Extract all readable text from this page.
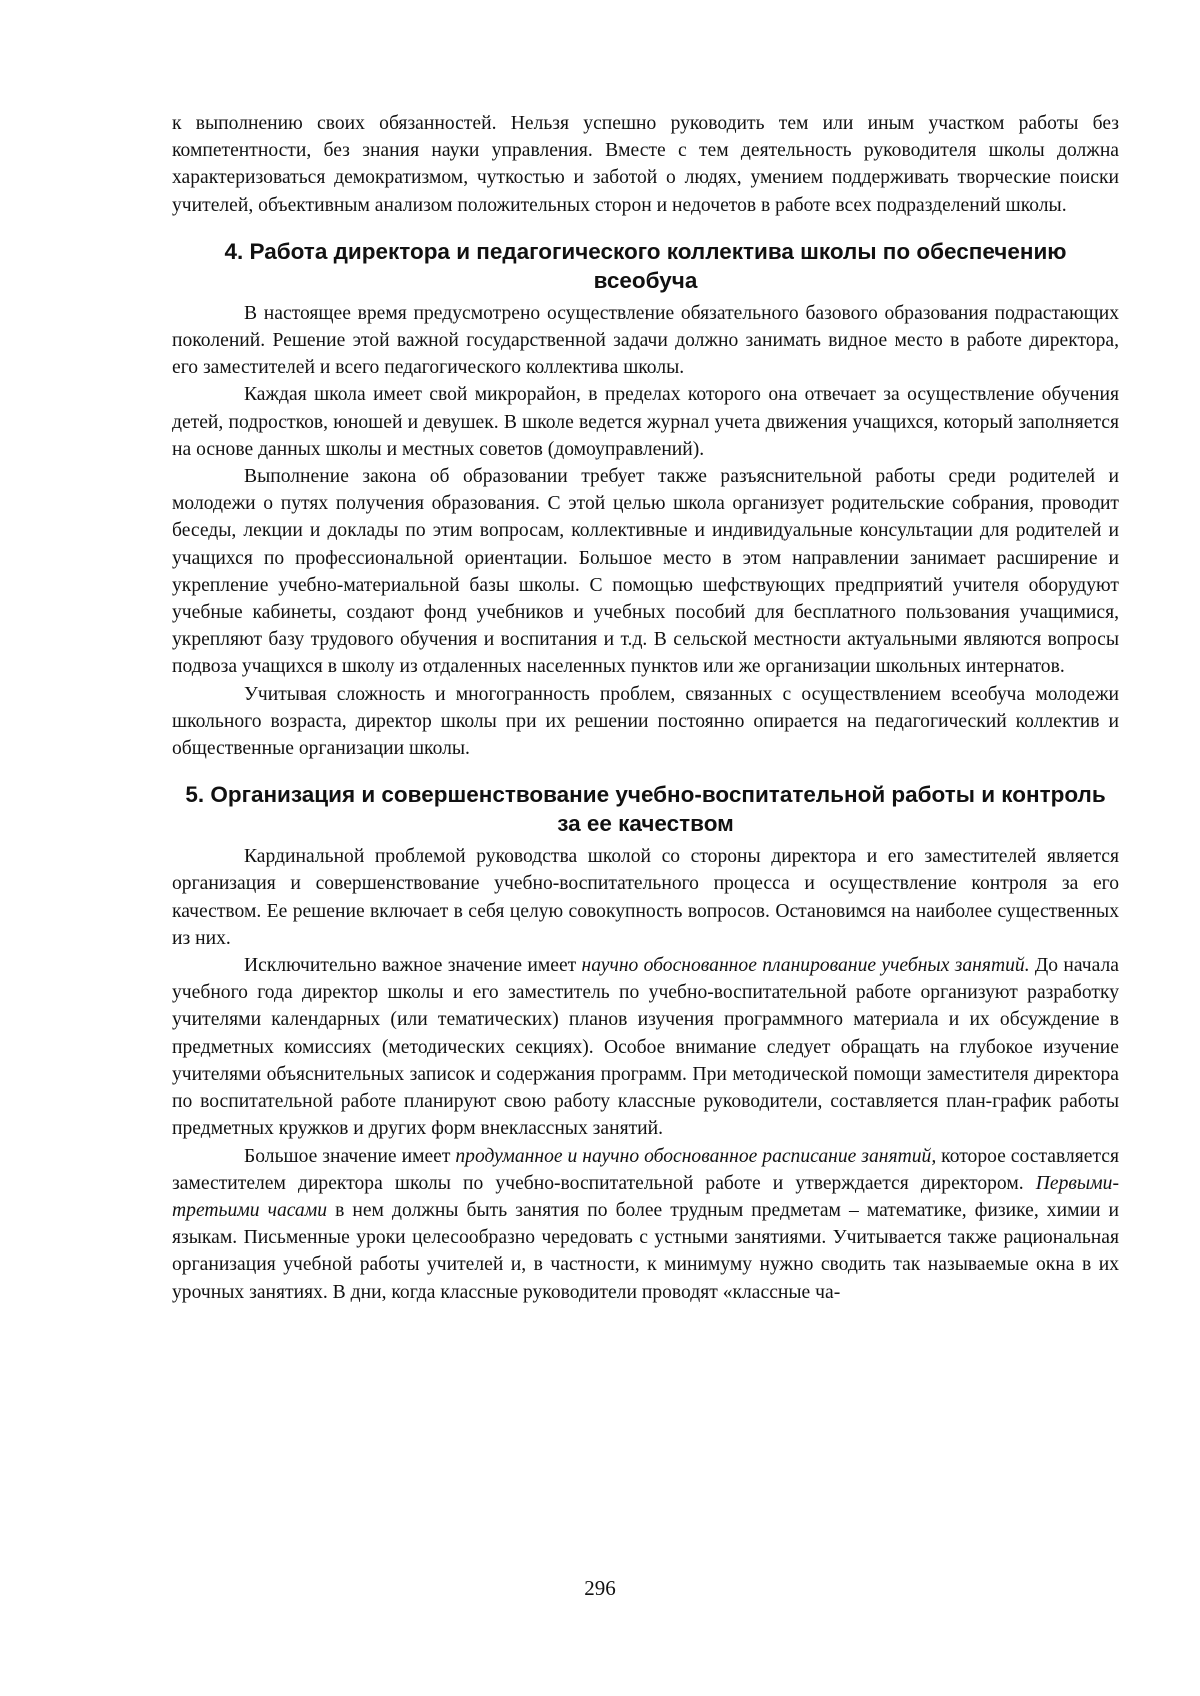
к выполнению своих обязанностей. Нельзя успешно руководить тем или иным участком работы без компетентности, без знания науки управления. Вместе с тем деятельность руководителя школы должна характеризоваться демократизмом, чуткостью и заботой о людях, умением поддерживать творческие поиски учителей, объективным анализом положительных сторон и недочетов в работе всех подразделений школы.

4. Работа директора и педагогического коллектива школы по обеспечению всеобуча

В настоящее время предусмотрено осуществление обязательного базового образования подрастающих поколений. Решение этой важной государственной задачи должно занимать видное место в работе директора, его заместителей и всего педагогического коллектива школы.

Каждая школа имеет свой микрорайон, в пределах которого она отвечает за осуществление обучения детей, подростков, юношей и девушек. В школе ведется журнал учета движения учащихся, который заполняется на основе данных школы и местных советов (домоуправлений).

Выполнение закона об образовании требует также разъяснительной работы среди родителей и молодежи о путях получения образования. С этой целью школа организует родительские собрания, проводит беседы, лекции и доклады по этим вопросам, коллективные и индивидуальные консультации для родителей и учащихся по профессиональной ориентации. Большое место в этом направлении занимает расширение и укрепление учебно-материальной базы школы. С помощью шефствующих предприятий учителя оборудуют учебные кабинеты, создают фонд учебников и учебных пособий для бесплатного пользования учащимися, укрепляют базу трудового обучения и воспитания и т.д. В сельской местности актуальными являются вопросы подвоза учащихся в школу из отдаленных населенных пунктов или же организации школьных интернатов.

Учитывая сложность и многогранность проблем, связанных с осуществлением всеобуча молодежи школьного возраста, директор школы при их решении постоянно опирается на педагогический коллектив и общественные организации школы.

5. Организация и совершенствование учебно-воспитательной работы и контроль за ее качеством

Кардинальной проблемой руководства школой со стороны директора и его заместителей является организация и совершенствование учебно-воспитательного процесса и осуществление контроля за его качеством. Ее решение включает в себя целую совокупность вопросов. Остановимся на наиболее существенных из них.

Исключительно важное значение имеет научно обоснованное планирование учебных занятий. До начала учебного года директор школы и его заместитель по учебно-воспитательной работе организуют разработку учителями календарных (или тематических) планов изучения программного материала и их обсуждение в предметных комиссиях (методических секциях). Особое внимание следует обращать на глубокое изучение учителями объяснительных записок и содержания программ. При методической помощи заместителя директора по воспитательной работе планируют свою работу классные руководители, составляется план-график работы предметных кружков и других форм внеклассных занятий.

Большое значение имеет продуманное и научно обоснованное расписание занятий, которое составляется заместителем директора школы по учебно-воспитательной работе и утверждается директором. Первыми-третьими часами в нем должны быть занятия по более трудным предметам – математике, физике, химии и языкам. Письменные уроки целесообразно чередовать с устными занятиями. Учитывается также рациональная организация учебной работы учителей и, в частности, к минимуму нужно сводить так называемые окна в их урочных занятиях. В дни, когда классные руководители проводят «классные ча-

296
